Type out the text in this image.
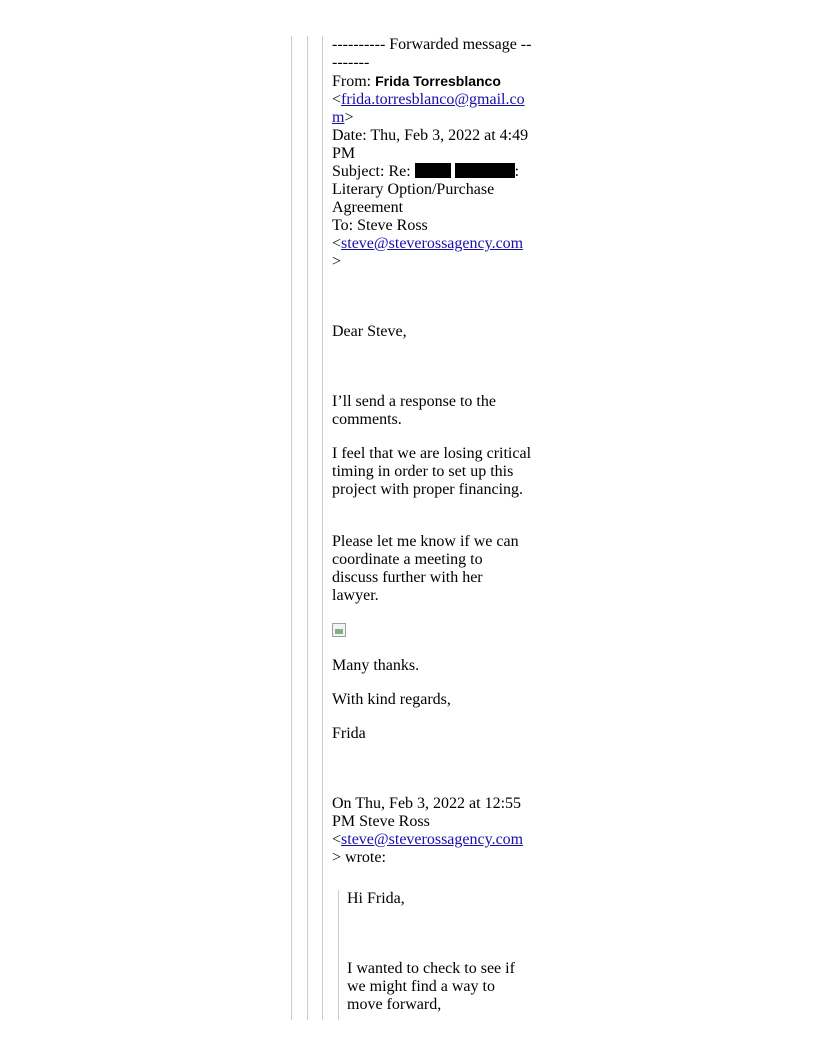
---------- Forwarded message --
-------
From: Frida Torresblanco
<frida.torresblanco@gmail.co
m>
Date: Thu, Feb 3, 2022 at 4:49
PM
Subject: Re:	:
Literary Option/Purchase
Agreement
To: Steve Ross
<steve@steverossagency.com
>
Dear Steve,
I’ll send a response to the
comments.
I feel that we are losing critical
timing in order to set up this
project with proper financing.
Please let me know if we can
coordinate a meeting to
discuss further with her
lawyer.
Many thanks.
With kind regards,
Frida
On Thu, Feb 3, 2022 at 12:55
PM Steve Ross
<steve@steverossagency.com
> wrote:
Hi Frida,
I wanted to check to see if
we might find a way to
move forward,
